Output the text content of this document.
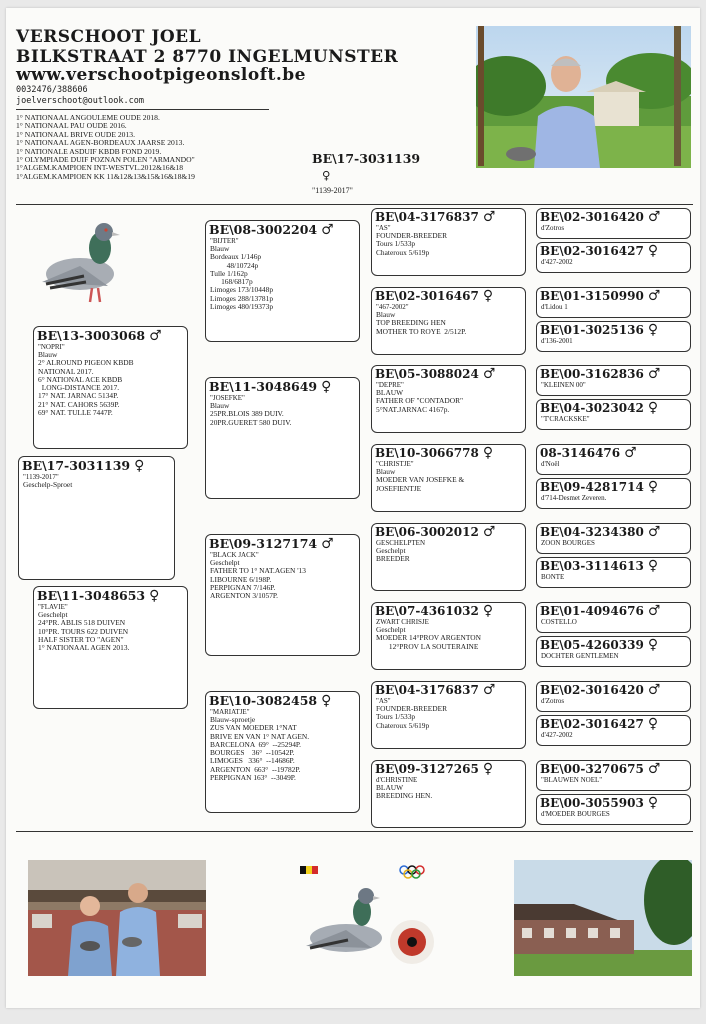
VERSCHOOT JOEL
BILKSTRAAT 2 8770 INGELMUNSTER
www.verschootpigeonsloft.be
0032476/388606
joelverschoot@outlook.com
1° NATIONAAL ANGOULEME OUDE 2018.
1° NATIONAAL PAU OUDE 2016.
1° NATIONAAL BRIVE OUDE 2013.
1° NATIONAAL AGEN-BORDEAUX JAARSE 2013.
1° NATIONALE ASDUIF KBDB FOND 2019.
1° OLYMPIADE DUIF POZNAN POLEN "ARMANDO"
1°ALGEM.KAMPIOEN INT-WESTVL.2012&16&18
1°ALGEM.KAMPIOEN KK 11&12&13&15&16&18&19
BE\17-3031139
♀
"1139-2017"
BE\17-3031139 ♀
"1139-2017"
Geschelp-Sproet
BE\13-3003068 ♂
"NOPRI"
Blauw
2° ALROUND PIGEON KBDB
NATIONAL 2017.
6° NATIONAL ACE KBDB
LONG-DISTANCE 2017.
17° NAT. JARNAC 5134P.
21° NAT. CAHORS 5639P.
69° NAT. TULLE 7447P.
BE\11-3048653 ♀
"FLAVIE"
Geschelpt
24°PR. ABLIS 518 DUIVEN
10°PR. TOURS 622 DUIVEN
HALF SISTER TO "AGEN"
1° NATIONAAL AGEN 2013.
BE\08-3002204 ♂
"BIJTER"
Blauw
Bordeaux 1/146p
48/10724p
Tulle 1/162p
168/6817p
Limoges 173/10448p
Limoges 288/13781p
Limoges 480/19373p
BE\11-3048649 ♀
"JOSEFKE"
Blauw
25PR.BLOIS 389 DUIV.
20PR.GUERET 580 DUIV.
BE\09-3127174 ♂
"BLACK JACK"
Geschelpt
FATHER TO 1° NAT.AGEN '13
LIBOURNE 6/198P.
PERPIGNAN 7/146P.
ARGENTON 3/1057P.
BE\10-3082458 ♀
"MARIATJE"
Blauw-sproetje
ZUS VAN MOEDER 1°NAT
BRIVE EN VAN 1° NAT AGEN.
BARCELONA  69°  --25294P.
BOURGES    36°  --10542P.
LIMOGES   336°  --14686P.
ARGENTON  663°  --19782P.
PERPIGNAN 163°  --3049P.
BE\04-3176837 ♂
"AS"
FOUNDER-BREEDER
Tours 1/533p
Chateroux 5/619p
BE\02-3016467 ♀
"467-2002"
Blauw
TOP BREEDING HEN
MOTHER TO ROYE  2/512P.
BE\05-3088024 ♂
"DEPRE"
BLAUW
FATHER OF "CONTADOR"
5°NAT.JARNAC 4167p.
BE\10-3066778 ♀
"CHRISTJE"
Blauw
MOEDER VAN JOSEFKE &
JOSEFIENTJE
BE\06-3002012 ♂
GESCHELPTEN
Geschelpt
BREEDER
BE\07-4361032 ♀
ZWART CHRISJE
Geschelpt
MOEDER 14°PROV ARGENTON
12°PROV LA SOUTERAINE
BE\04-3176837 ♂
"AS"
FOUNDER-BREEDER
Tours 1/533p
Chateroux 5/619p
BE\09-3127265 ♀
d'CHRISTINE
BLAUW
BREEDING HEN.
BE\02-3016420 ♂
d'Zotros
BE\02-3016427 ♀
d'427-2002
BE\01-3150990 ♂
d'Lidou 1
BE\01-3025136 ♀
d'136-2001
BE\00-3162836 ♂
"KLEINEN 00"
BE\04-3023042 ♀
"T'CRACKSKE"
08-3146476 ♂
d'Noël
BE\09-4281714 ♀
d'714-Desmet Zeveren.
BE\04-3234380 ♂
ZOON BOURGES
BE\03-3114613 ♀
BONTE
BE\01-4094676 ♂
COSTELLO
BE\05-4260339 ♀
DOCHTER GENTLEMEN
BE\02-3016420 ♂
d'Zotros
BE\02-3016427 ♀
d'427-2002
BE\00-3270675 ♂
"BLAUWEN NOEL"
BE\00-3055903 ♀
d'MOEDER BOURGES
